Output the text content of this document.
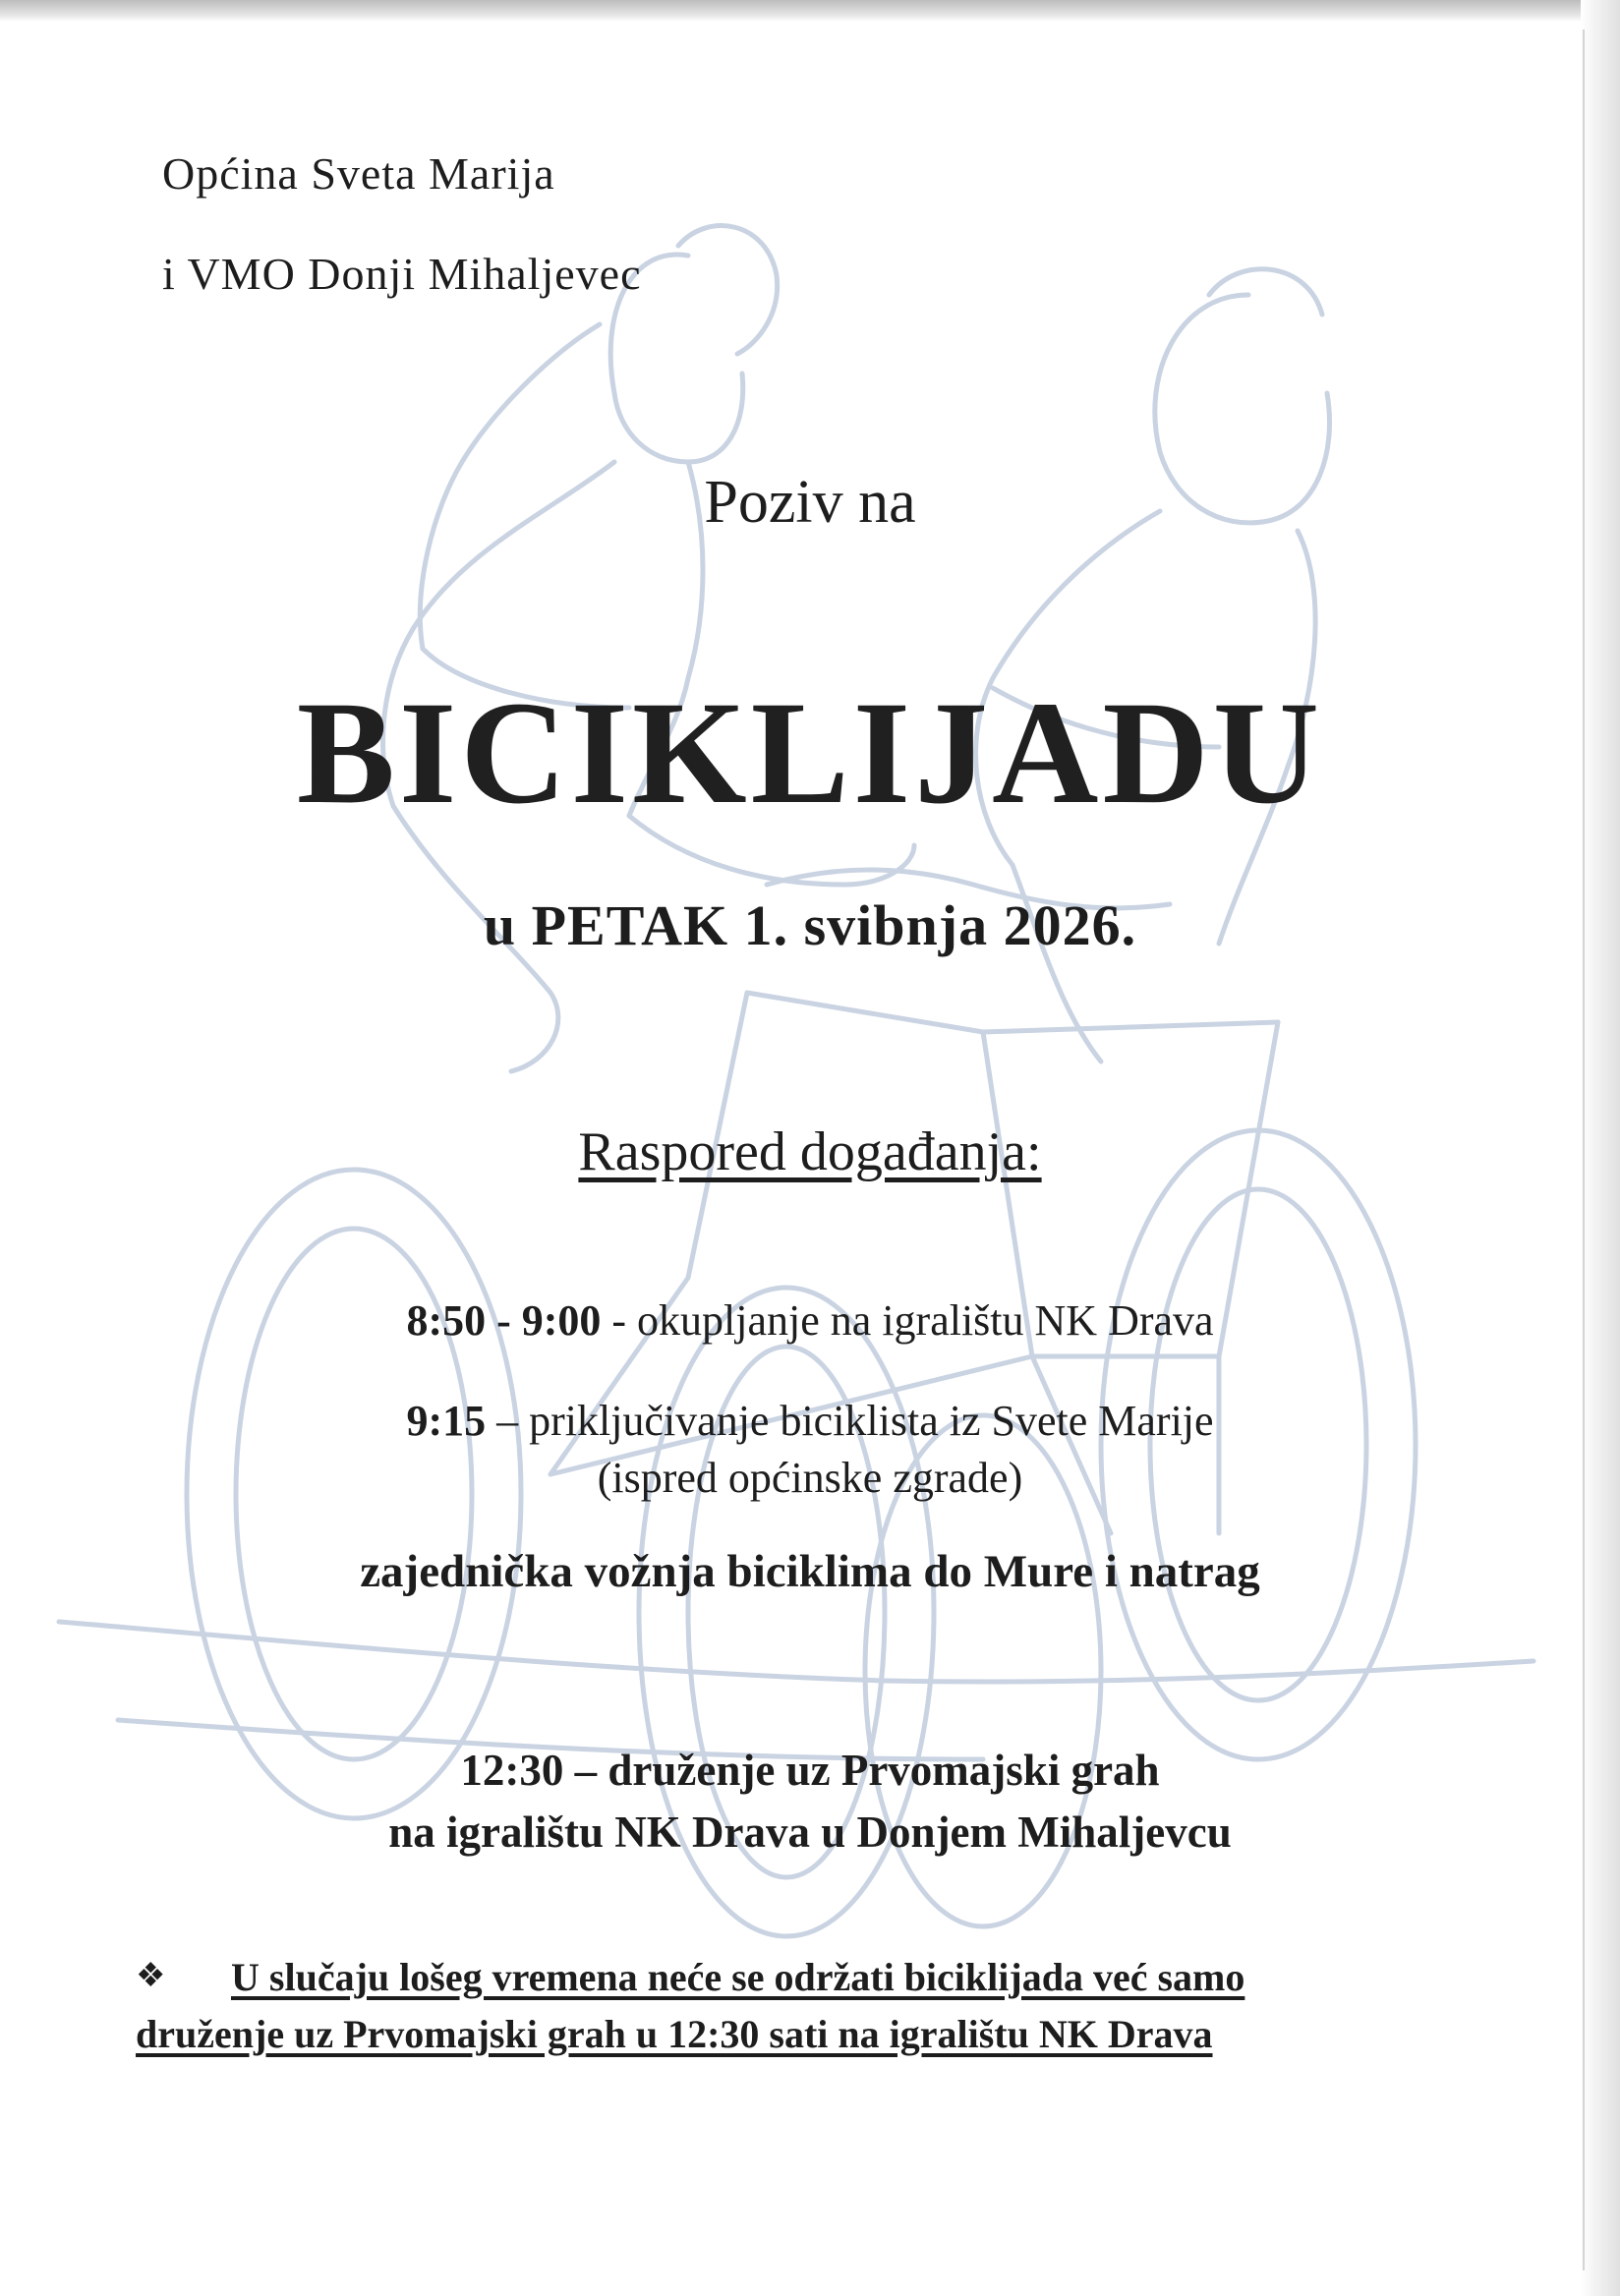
Općina Sveta Marija
i VMO Donji Mihaljevec
Poziv na
BICIKLIJADU
u PETAK 1. svibnja 2026.
Raspored događanja:
8:50 - 9:00 - okupljanje na igralištu NK Drava
9:15 – priključivanje biciklista iz Svete Marije
(ispred općinske zgrade)
zajednička vožnja biciklima do Mure i natrag
12:30 – druženje uz Prvomajski grah
na igralištu NK Drava u Donjem Mihaljevcu
❖ U slučaju lošeg vremena neće se održati biciklijada već samo
druženje uz Prvomajski grah u 12:30 sati na igralištu NK Drava
